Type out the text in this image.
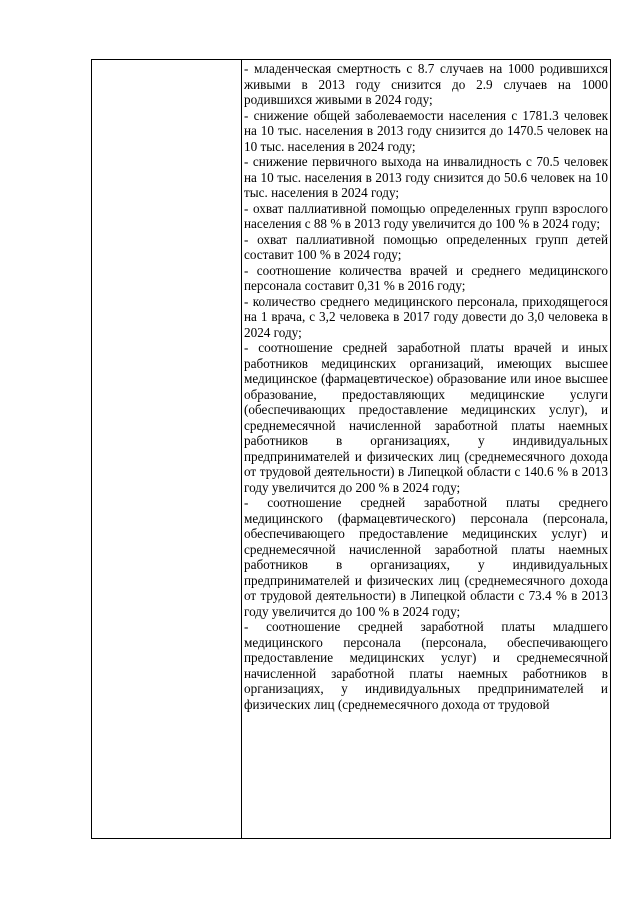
- младенческая смертность с 8.7 случаев на 1000 родившихся живыми в 2013 году снизится до 2.9 случаев на 1000 родившихся живыми в 2024 году;

- снижение общей заболеваемости населения с 1781.3 человек на 10 тыс. населения в 2013 году снизится до 1470.5 человек на 10 тыс. населения в 2024 году;

- снижение первичного выхода на инвалидность с 70.5 человек на 10 тыс. населения в 2013 году снизится до 50.6 человек на 10 тыс. населения в 2024 году;

- охват паллиативной помощью определенных групп взрослого населения с 88 % в 2013 году увеличится до 100 % в 2024 году;

- охват паллиативной помощью определенных групп детей составит 100 % в 2024 году;

- соотношение количества врачей и среднего медицинского персонала составит 0,31 % в 2016 году;

- количество среднего медицинского персонала, приходящегося на 1 врача, с 3,2 человека в 2017 году довести до 3,0 человека в 2024 году;

- соотношение средней заработной платы врачей и иных работников медицинских организаций, имеющих высшее медицинское (фармацевтическое) образование или иное высшее образование, предоставляющих медицинские услуги (обеспечивающих предоставление медицинских услуг), и среднемесячной начисленной заработной платы наемных работников в организациях, у индивидуальных предпринимателей и физических лиц (среднемесячного дохода от трудовой деятельности) в Липецкой области с 140.6 % в 2013 году увеличится до 200 % в 2024 году;

- соотношение средней заработной платы среднего медицинского (фармацевтического) персонала (персонала, обеспечивающего предоставление медицинских услуг) и среднемесячной начисленной заработной платы наемных работников в организациях, у индивидуальных предпринимателей и физических лиц (среднемесячного дохода от трудовой деятельности) в Липецкой области с 73.4 % в 2013 году увеличится до 100 % в 2024 году;

- соотношение средней заработной платы младшего медицинского персонала (персонала, обеспечивающего предоставление медицинских услуг) и среднемесячной начисленной заработной платы наемных работников в организациях, у индивидуальных предпринимателей и физических лиц (среднемесячного дохода от трудовой
